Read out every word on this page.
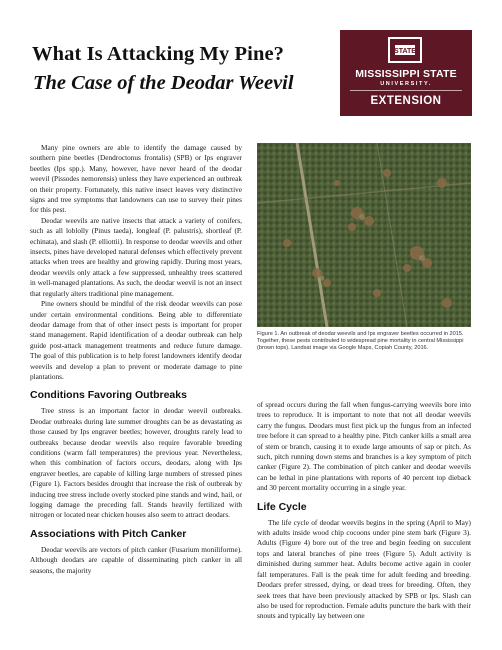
What Is Attacking My Pine?
The Case of the Deodar Weevil
STATE
MISSISSIPPI STATE
UNIVERSITY.
EXTENSION

Many pine owners are able to identify the damage caused by southern pine beetles (Dendroctonus frontalis) (SPB) or Ips engraver beetles (Ips spp.). Many, however, have never heard of the deodar weevil (Pissodes nemorensis) unless they have experienced an outbreak on their property. Fortunately, this native insect leaves very distinctive signs and tree symptoms that landowners can use to survey their pines for this pest.

Deodar weevils are native insects that attack a variety of conifers, such as all loblolly (Pinus taeda), longleaf (P. palustris), shortleaf (P. echinata), and slash (P. elliottii). In response to deodar weevils and other insects, pines have developed natural defenses which effectively prevent attacks when trees are healthy and growing rapidly. During most years, deodar weevils only attack a few suppressed, unhealthy trees scattered in well-managed plantations. As such, the deodar weevil is not an insect that regularly alters traditional pine management.

Pine owners should be mindful of the risk deodar weevils can pose under certain environmental conditions. Being able to differentiate deodar damage from that of other insect pests is important for proper stand management. Rapid identification of a deodar outbreak can help guide post-attack management treatments and reduce future damage. The goal of this publication is to help forest landowners identify deodar weevils and develop a plan to prevent or moderate damage to pine plantations.

Conditions Favoring Outbreaks

Tree stress is an important factor in deodar weevil outbreaks. Deodar outbreaks during late summer droughts can be as devastating as those caused by Ips engraver beetles; however, droughts rarely lead to outbreaks because deodar weevils also require favorable breeding conditions (warm fall temperatures) the previous year. Nevertheless, when this combination of factors occurs, deodars, along with Ips engraver beetles, are capable of killing large numbers of stressed pines (Figure 1). Factors besides drought that increase the risk of outbreak by inducing tree stress include overly stocked pine stands and wind, hail, or logging damage the preceding fall. Stands heavily fertilized with nitrogen or located near chicken houses also seem to attract deodars.

Associations with Pitch Canker

Deodar weevils are vectors of pitch canker (Fusarium moniliforme). Although deodars are capable of disseminating pitch canker in all seasons, the majority

Figure 1. An outbreak of deodar weevils and Ips engraver beetles occurred in 2015. Together, these pests contributed to widespread pine mortality in central Mississippi (brown tops). Landsat image via Google Maps, Copiah County, 2016.

of spread occurs during the fall when fungus-carrying weevils bore into trees to reproduce. It is important to note that not all deodar weevils carry the fungus. Deodars must first pick up the fungus from an infected tree before it can spread to a healthy pine. Pitch canker kills a small area of stem or branch, causing it to exude large amounts of sap or pitch. As such, pitch running down stems and branches is a key symptom of pitch canker (Figure 2). The combination of pitch canker and deodar weevils can be lethal in pine plantations with reports of 40 percent top dieback and 30 percent mortality occurring in a single year.

Life Cycle

The life cycle of deodar weevils begins in the spring (April to May) with adults inside wood chip cocoons under pine stem bark (Figure 3). Adults (Figure 4) bore out of the tree and begin feeding on succulent tops and lateral branches of pine trees (Figure 5). Adult activity is diminished during summer heat. Adults become active again in cooler fall temperatures. Fall is the peak time for adult feeding and breeding. Deodars prefer stressed, dying, or dead trees for breeding. Often, they seek trees that have been previously attacked by SPB or Ips. Slash can also be used for reproduction. Female adults puncture the bark with their snouts and typically lay between one
